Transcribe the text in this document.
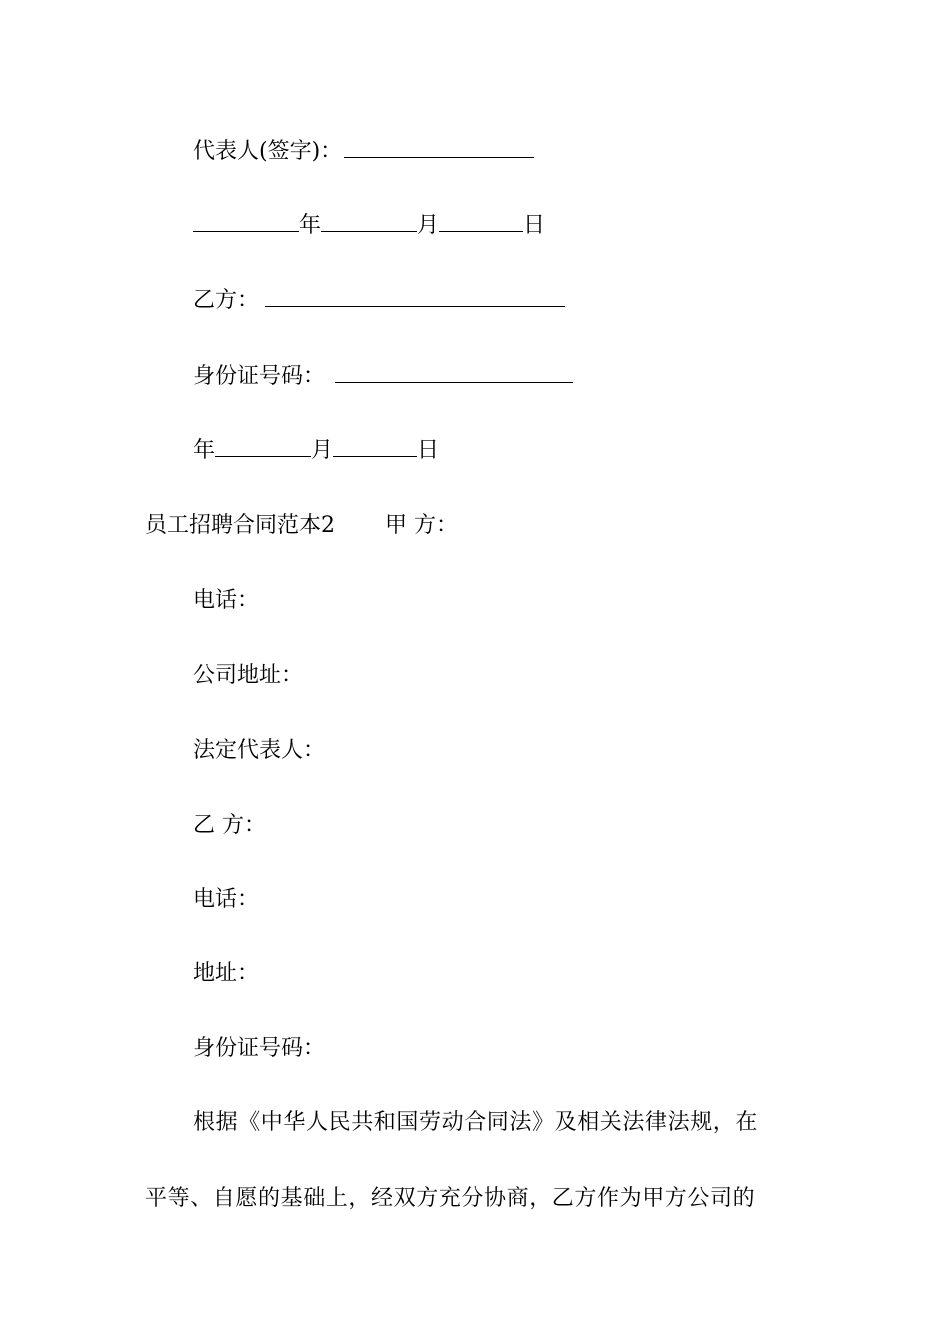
代表人(签字)：
年	月	日
乙方：
身份证号码：
年	月	日
员工招聘合同范本2 甲 方：
电话：
公司地址：
法定代表人：
乙 方：
电话：
地址：
身份证号码：
根据《中华人民共和国劳动合同法》及相关法律法规，在
平等、自愿的基础上，经双方充分协商，乙方作为甲方公司的
